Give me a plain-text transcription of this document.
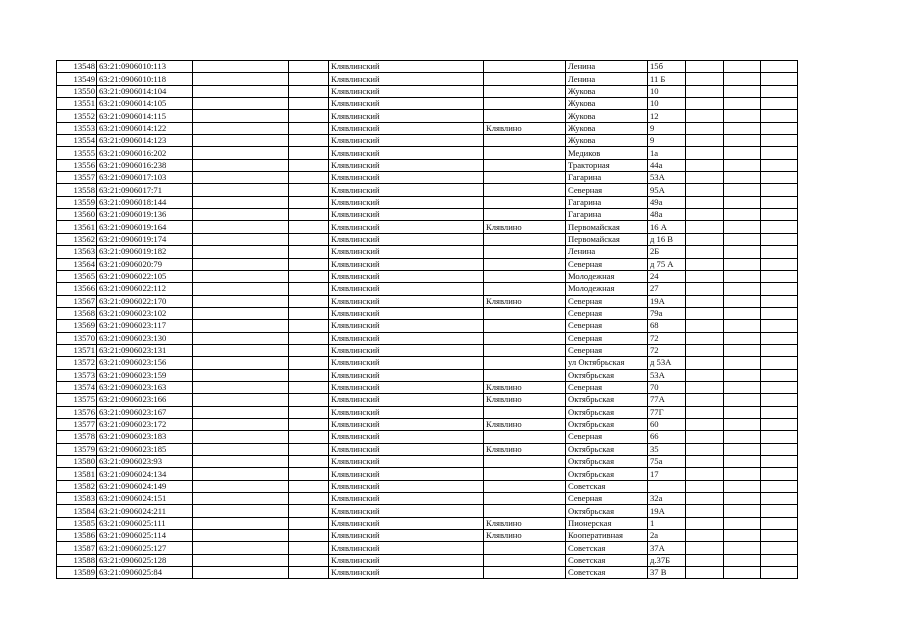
13548	63:21:0906010:113			Клявлинский		Ленина	15б			
13549	63:21:0906010:118			Клявлинский		Ленина	11 Б			
13550	63:21:0906014:104			Клявлинский		Жукова	10			
13551	63:21:0906014:105			Клявлинский		Жукова	10			
13552	63:21:0906014:115			Клявлинский		Жукова	12			
13553	63:21:0906014:122			Клявлинский	Клявлино	Жукова	9			
13554	63:21:0906014:123			Клявлинский		Жукова	9			
13555	63:21:0906016:202			Клявлинский		Медиков	1а			
13556	63:21:0906016:238			Клявлинский		Тракторная	44а			
13557	63:21:0906017:103			Клявлинский		Гагарина	53А			
13558	63:21:0906017:71			Клявлинский		Северная	95А			
13559	63:21:0906018:144			Клявлинский		Гагарина	49а			
13560	63:21:0906019:136			Клявлинский		Гагарина	48а			
13561	63:21:0906019:164			Клявлинский	Клявлино	Первомайская	16 А			
13562	63:21:0906019:174			Клявлинский		Первомайская	д 16 В			
13563	63:21:0906019:182			Клявлинский		Ленина	2Б			
13564	63:21:0906020:79			Клявлинский		Северная	д 75 А			
13565	63:21:0906022:105			Клявлинский		Молодежная	24			
13566	63:21:0906022:112			Клявлинский		Молодежная	27			
13567	63:21:0906022:170			Клявлинский	Клявлино	Северная	19А			
13568	63:21:0906023:102			Клявлинский		Северная	79а			
13569	63:21:0906023:117			Клявлинский		Северная	68			
13570	63:21:0906023:130			Клявлинский		Северная	72			
13571	63:21:0906023:131			Клявлинский		Северная	72			
13572	63:21:0906023:156			Клявлинский		ул Октябрьская	д 53А			
13573	63:21:0906023:159			Клявлинский		Октябрьская	53А			
13574	63:21:0906023:163			Клявлинский	Клявлино	Северная	70			
13575	63:21:0906023:166			Клявлинский	Клявлино	Октябрьская	77А			
13576	63:21:0906023:167			Клявлинский		Октябрьская	77Г			
13577	63:21:0906023:172			Клявлинский	Клявлино	Октябрьская	60			
13578	63:21:0906023:183			Клявлинский		Северная	66			
13579	63:21:0906023:185			Клявлинский	Клявлино	Октябрьская	35			
13580	63:21:0906023:93			Клявлинский		Октябрьская	75а			
13581	63:21:0906024:134			Клявлинский		Октябрьская	17			
13582	63:21:0906024:149			Клявлинский		Советская				
13583	63:21:0906024:151			Клявлинский		Северная	32а			
13584	63:21:0906024:211			Клявлинский		Октябрьская	19А			
13585	63:21:0906025:111			Клявлинский	Клявлино	Пионерская	1			
13586	63:21:0906025:114			Клявлинский	Клявлино	Кооперативная	2а			
13587	63:21:0906025:127			Клявлинский		Советская	37А			
13588	63:21:0906025:128			Клявлинский		Советская	д.37Б			
13589	63:21:0906025:84			Клявлинский		Советская	37 В			
